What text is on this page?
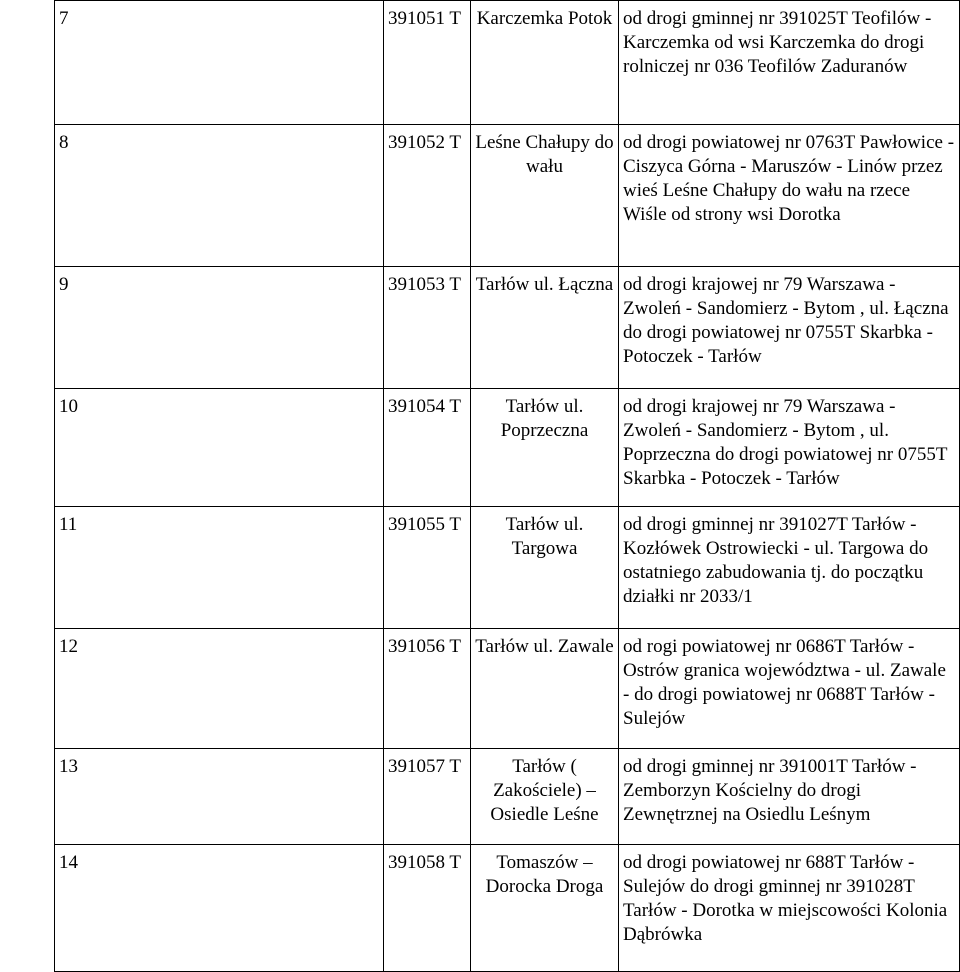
7	391051 T	Karczemka Potok	od drogi gminnej nr 391025T Teofilów - Karczemka od wsi Karczemka do drogi rolniczej nr 036 Teofilów Zaduranów
8	391052 T	Leśne Chałupy do wału	od drogi powiatowej nr 0763T Pawłowice - Ciszyca Górna - Maruszów - Linów przez wieś Leśne Chałupy do wału na rzece Wiśle od strony wsi Dorotka
9	391053 T	Tarłów ul. Łączna	od drogi krajowej nr 79 Warszawa - Zwoleń - Sandomierz - Bytom , ul. Łączna do drogi powiatowej nr 0755T Skarbka - Potoczek - Tarłów
10	391054 T	Tarłów ul. Poprzeczna	od drogi krajowej nr 79 Warszawa - Zwoleń - Sandomierz - Bytom , ul. Poprzeczna do drogi powiatowej nr 0755T Skarbka - Potoczek - Tarłów
11	391055 T	Tarłów ul. Targowa	od drogi gminnej nr 391027T Tarłów - Kozłówek Ostrowiecki - ul. Targowa do ostatniego zabudowania tj. do początku działki nr 2033/1
12	391056 T	Tarłów ul. Zawale	od rogi powiatowej nr 0686T Tarłów - Ostrów granica województwa - ul. Zawale - do drogi powiatowej nr 0688T Tarłów - Sulejów
13	391057 T	Tarłów ( Zakościele) – Osiedle Leśne	od drogi gminnej nr 391001T Tarłów - Zemborzyn Kościelny do drogi Zewnętrznej na Osiedlu Leśnym
14	391058 T	Tomaszów – Dorocka Droga	od drogi powiatowej nr 688T Tarłów - Sulejów do drogi gminnej nr 391028T Tarłów - Dorotka w miejscowości Kolonia Dąbrówka
